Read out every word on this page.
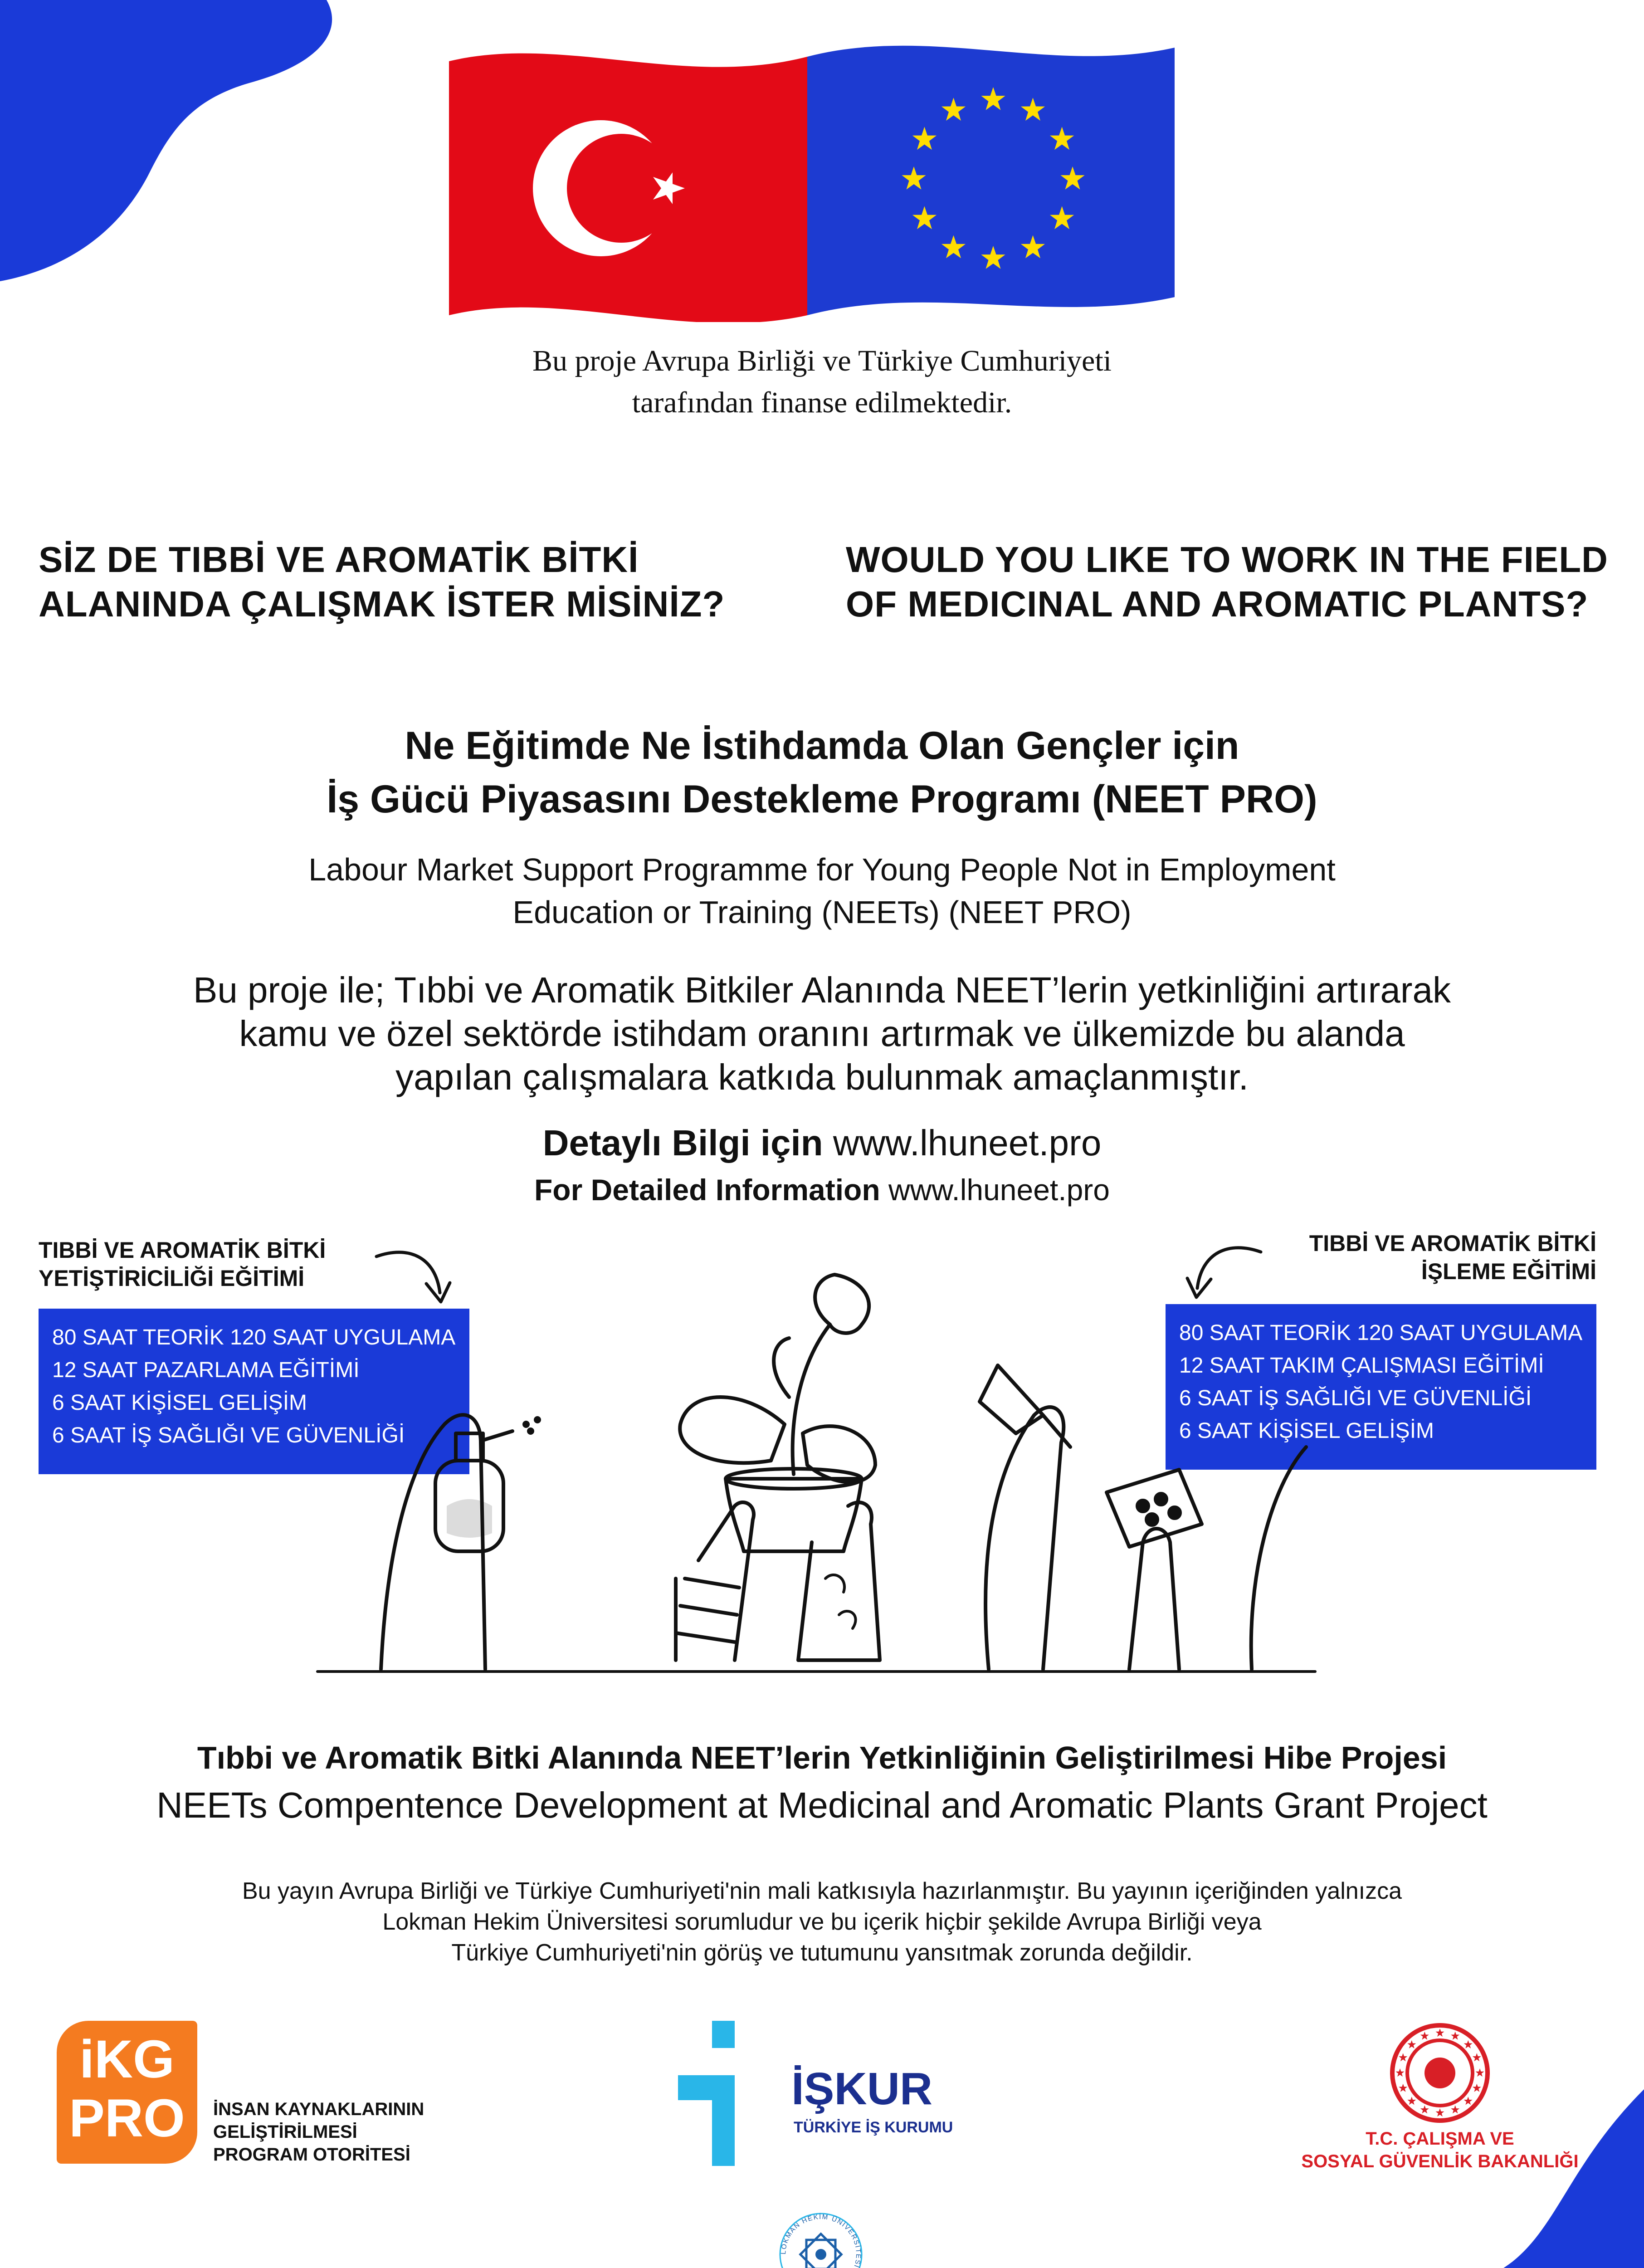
Bu proje Avrupa Birliği ve Türkiye Cumhuriyeti
tarafından finanse edilmektedir.
SİZ DE TIBBİ VE AROMATİK BİTKİ
ALANINDA ÇALIŞMAK İSTER MİSİNİZ?
WOULD YOU LIKE TO WORK IN THE FIELD
OF MEDICINAL AND AROMATIC PLANTS?
Ne Eğitimde Ne İstihdamda Olan Gençler için
İş Gücü Piyasasını Destekleme Programı (NEET PRO)
Labour Market Support Programme for Young People Not in Employment
Education or Training (NEETs) (NEET PRO)
Bu proje ile; Tıbbi ve Aromatik Bitkiler Alanında NEET’lerin yetkinliğini artırarak
kamu ve özel sektörde istihdam oranını artırmak ve ülkemizde bu alanda
yapılan çalışmalara katkıda bulunmak amaçlanmıştır.
Detaylı Bilgi için www.lhuneet.pro
For Detailed Information www.lhuneet.pro
TIBBİ VE AROMATİK BİTKİ
YETİŞTİRİCİLİĞİ EĞİTİMİ
80 SAAT TEORİK 120 SAAT UYGULAMA
12 SAAT PAZARLAMA EĞİTİMİ
6 SAAT KİŞİSEL GELİŞİM
6 SAAT İŞ SAĞLIĞI VE GÜVENLİĞİ
TIBBİ VE AROMATİK BİTKİ
İŞLEME EĞİTİMİ
80 SAAT TEORİK 120 SAAT UYGULAMA
12 SAAT TAKIM ÇALIŞMASI EĞİTİMİ
6 SAAT İŞ SAĞLIĞI VE GÜVENLİĞİ
6 SAAT KİŞİSEL GELİŞİM
Tıbbi ve Aromatik Bitki Alanında NEET’lerin Yetkinliğinin Geliştirilmesi Hibe Projesi
NEETs Compentence Development at Medicinal and Aromatic Plants Grant Project
Bu yayın Avrupa Birliği ve Türkiye Cumhuriyeti'nin mali katkısıyla hazırlanmıştır. Bu yayının içeriğinden yalnızca
Lokman Hekim Üniversitesi sorumludur ve bu içerik hiçbir şekilde Avrupa Birliği veya
Türkiye Cumhuriyeti'nin görüş ve tutumunu yansıtmak zorunda değildir.
iKG
PRO	İNSAN KAYNAKLARININ
GELİŞTİRİLMESİ
PROGRAM OTORİTESİ
İŞKUR
TÜRKİYE İŞ KURUMU
T.C. ÇALIŞMA VE
SOSYAL GÜVENLİK BAKANLIĞI
LOKMAN HEKİM ÜNİVERSİTESİ
